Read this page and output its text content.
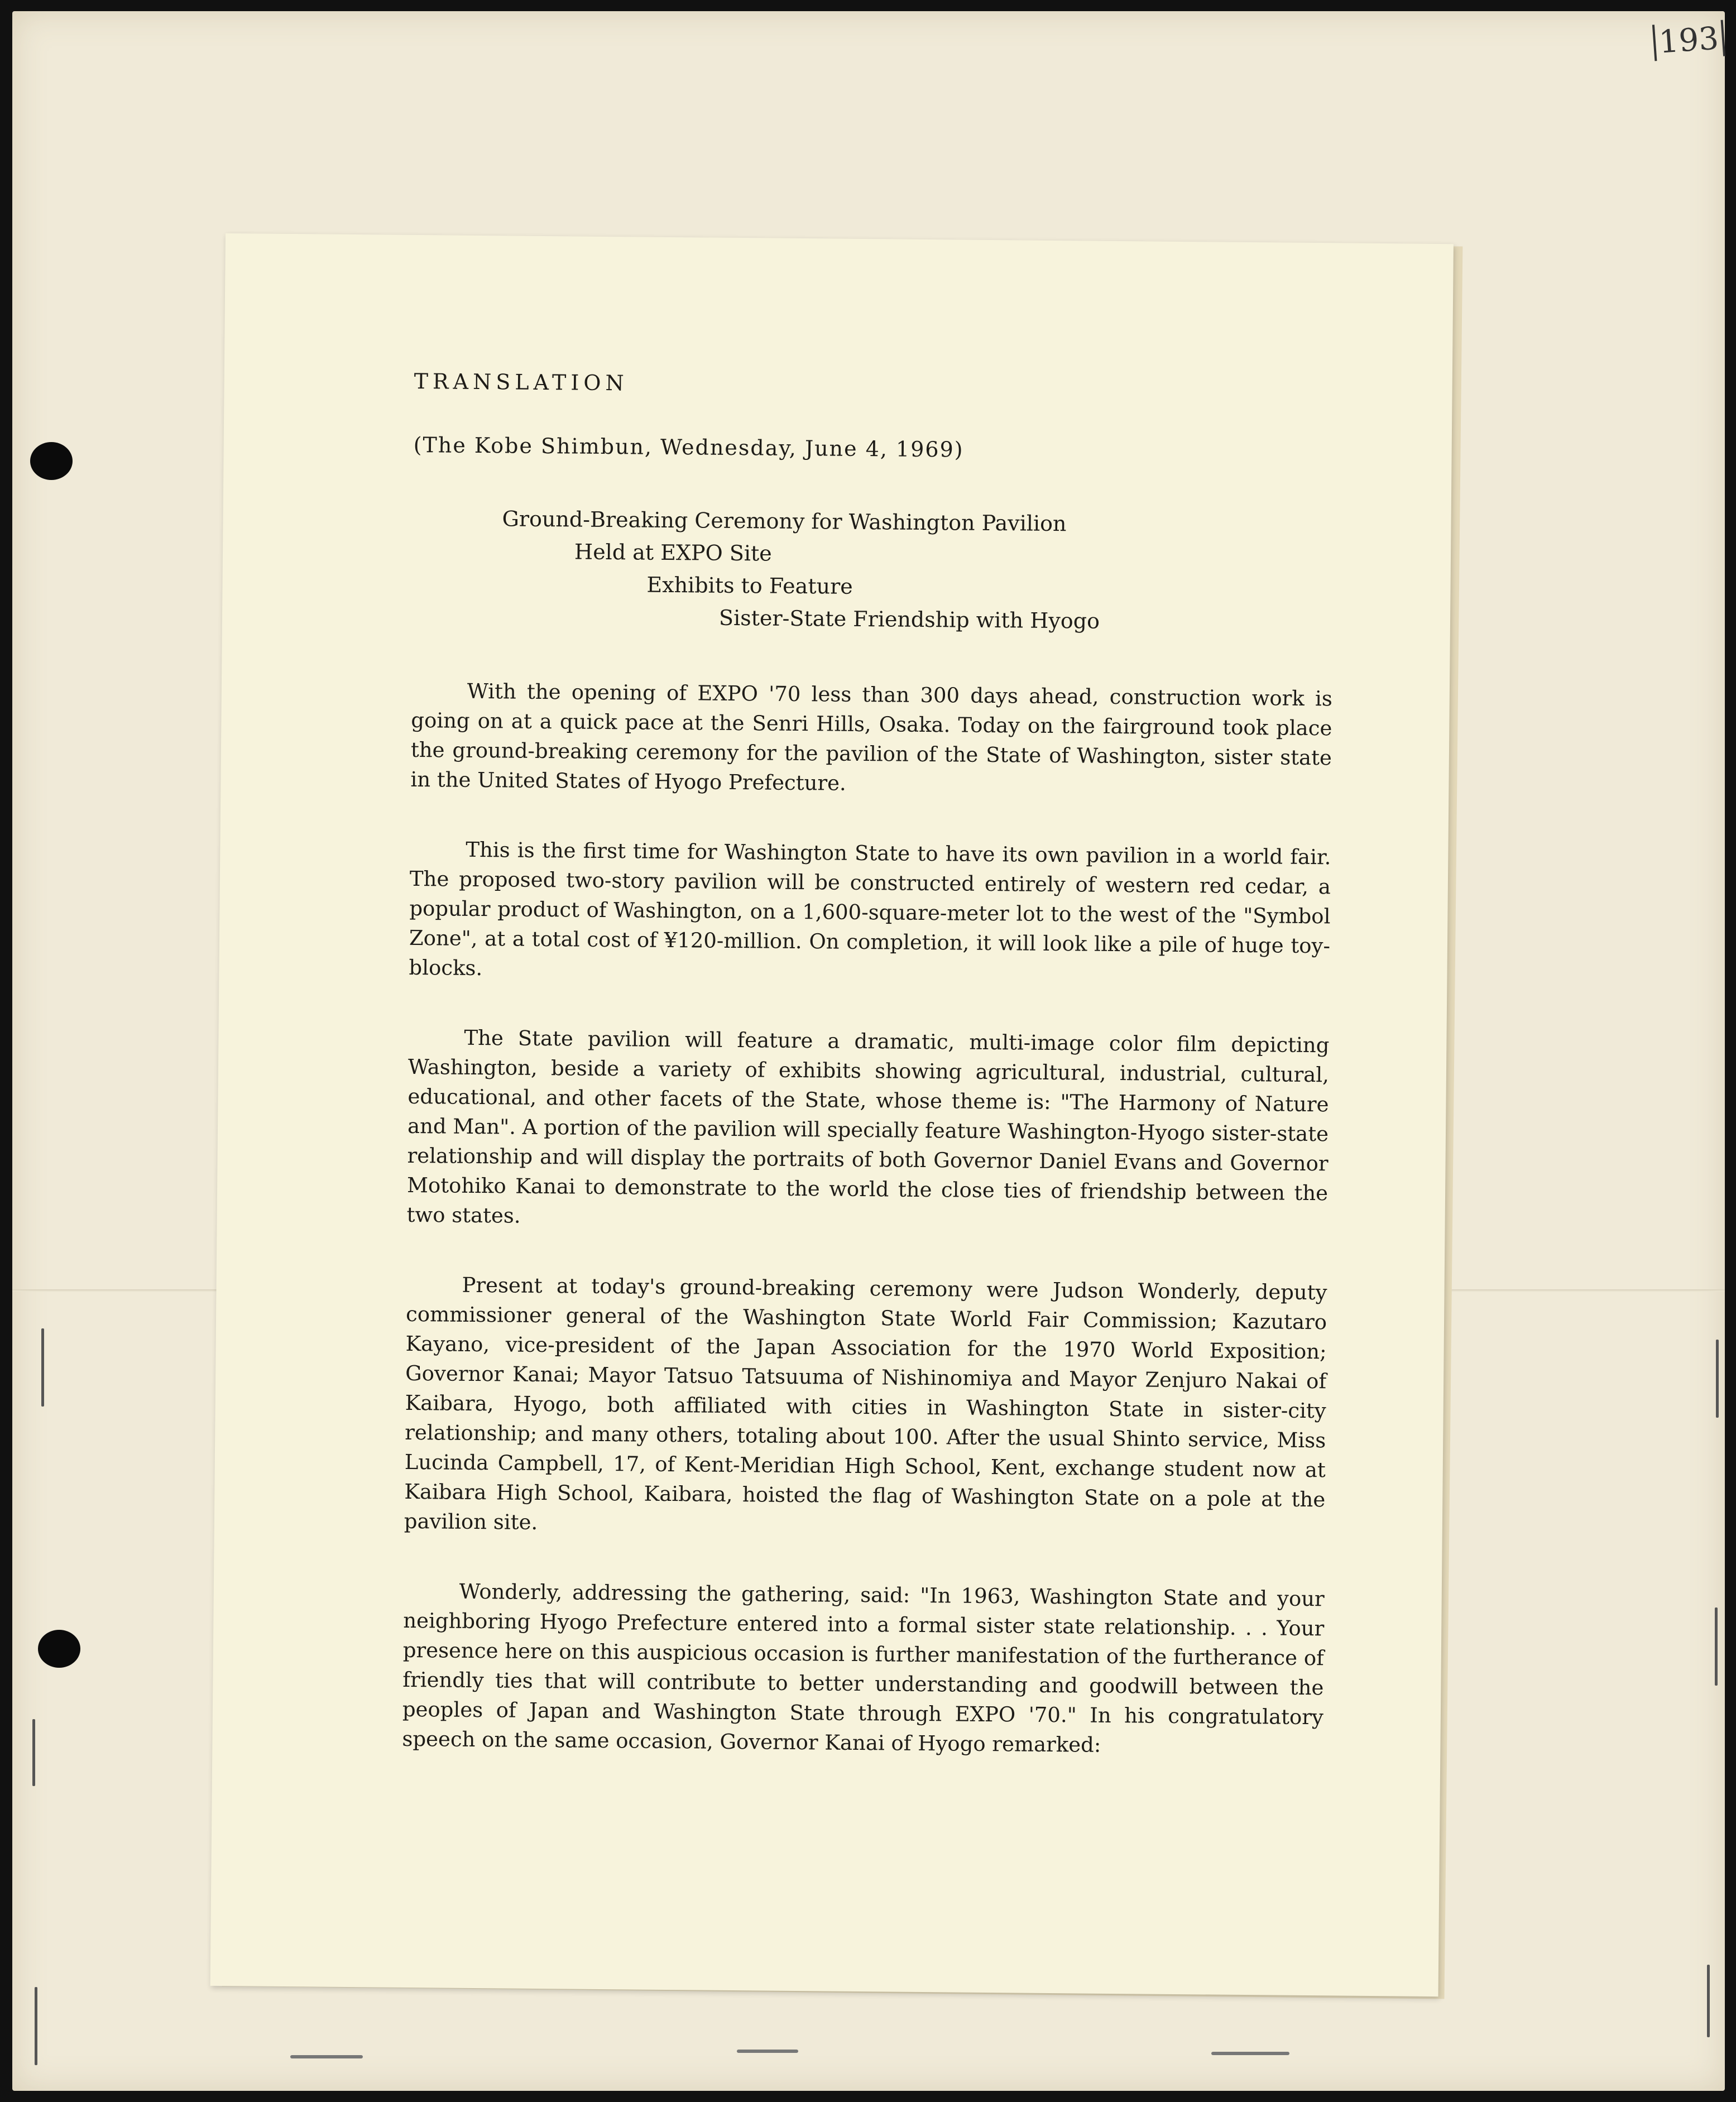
193
TRANSLATION
(The Kobe Shimbun, Wednesday, June 4, 1969)
Ground-Breaking Ceremony for Washington Pavilion
Held at EXPO Site
Exhibits to Feature
Sister-State Friendship with Hyogo

With the opening of EXPO '70 less than 300 days ahead, construction work is going on at a quick pace at the Senri Hills, Osaka. Today on the fairground took place the ground-breaking ceremony for the pavilion of the State of Washington, sister state in the United States of Hyogo Prefecture.

This is the first time for Washington State to have its own pavilion in a world fair. The proposed two-story pavilion will be constructed entirely of western red cedar, a popular product of Washington, on a 1,600-square-meter lot to the west of the "Symbol Zone", at a total cost of ¥120-million. On completion, it will look like a pile of huge toy-blocks.

The State pavilion will feature a dramatic, multi-image color film depicting Washington, beside a variety of exhibits showing agricultural, industrial, cultural, educational, and other facets of the State, whose theme is: "The Harmony of Nature and Man". A portion of the pavilion will specially feature Washington-Hyogo sister-state relationship and will display the portraits of both Governor Daniel Evans and Governor Motohiko Kanai to demonstrate to the world the close ties of friendship between the two states.

Present at today's ground-breaking ceremony were Judson Wonderly, deputy commissioner general of the Washington State World Fair Commission; Kazutaro Kayano, vice-president of the Japan Association for the 1970 World Exposition; Governor Kanai; Mayor Tatsuo Tatsuuma of Nishinomiya and Mayor Zenjuro Nakai of Kaibara, Hyogo, both affiliated with cities in Washington State in sister-city relationship; and many others, totaling about 100. After the usual Shinto service, Miss Lucinda Campbell, 17, of Kent-Meridian High School, Kent, exchange student now at Kaibara High School, Kaibara, hoisted the flag of Washington State on a pole at the pavilion site.

Wonderly, addressing the gathering, said: "In 1963, Washington State and your neighboring Hyogo Prefecture entered into a formal sister state relationship. . . Your presence here on this auspicious occasion is further manifestation of the furtherance of friendly ties that will contribute to better understanding and goodwill between the peoples of Japan and Washington State through EXPO '70." In his congratulatory speech on the same occasion, Governor Kanai of Hyogo remarked:
